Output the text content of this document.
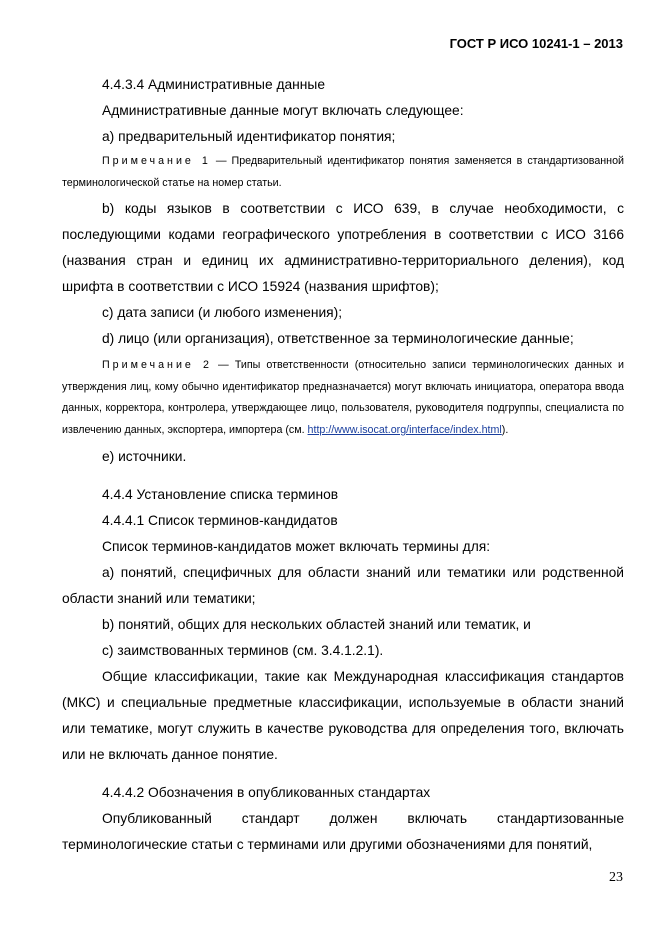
ГОСТ Р ИСО 10241-1 – 2013

4.4.3.4 Административные данные

Административные данные могут включать следующее:

а) предварительный идентификатор понятия;

Примечание 1 — Предварительный идентификатор понятия заменяется в стандартизованной терминологической статье на номер статьи.

b) коды языков в соответствии с ИСО 639, в случае необходимости, с последующими кодами географического употребления в соответствии с ИСО 3166 (названия стран и единиц их административно-территориального деления), код шрифта в соответствии с ИСО 15924 (названия шрифтов);

c) дата записи (и любого изменения);

d) лицо (или организация), ответственное за терминологические данные;

Примечание 2 — Типы ответственности (относительно записи терминологических данных и утверждения лиц, кому обычно идентификатор предназначается) могут включать инициатора, оператора ввода данных, корректора, контролера, утверждающее лицо, пользователя, руководителя подгруппы, специалиста по извлечению данных, экспортера, импортера (см. http://www.isocat.org/interface/index.html).

e) источники.

4.4.4 Установление списка терминов

4.4.4.1 Список терминов-кандидатов

Список терминов-кандидатов может включать термины для:

а) понятий, специфичных для области знаний или тематики или родственной области знаний или тематики;

b) понятий, общих для нескольких областей знаний или тематик, и

c) заимствованных терминов (см. 3.4.1.2.1).

Общие классификации, такие как Международная классификация стандартов (МКС) и специальные предметные классификации, используемые в области знаний или тематике, могут служить в качестве руководства для определения того, включать или не включать данное понятие.

4.4.4.2 Обозначения в опубликованных стандартах

Опубликованный стандарт должен включать стандартизованные терминологические статьи с терминами или другими обозначениями для понятий,

23
